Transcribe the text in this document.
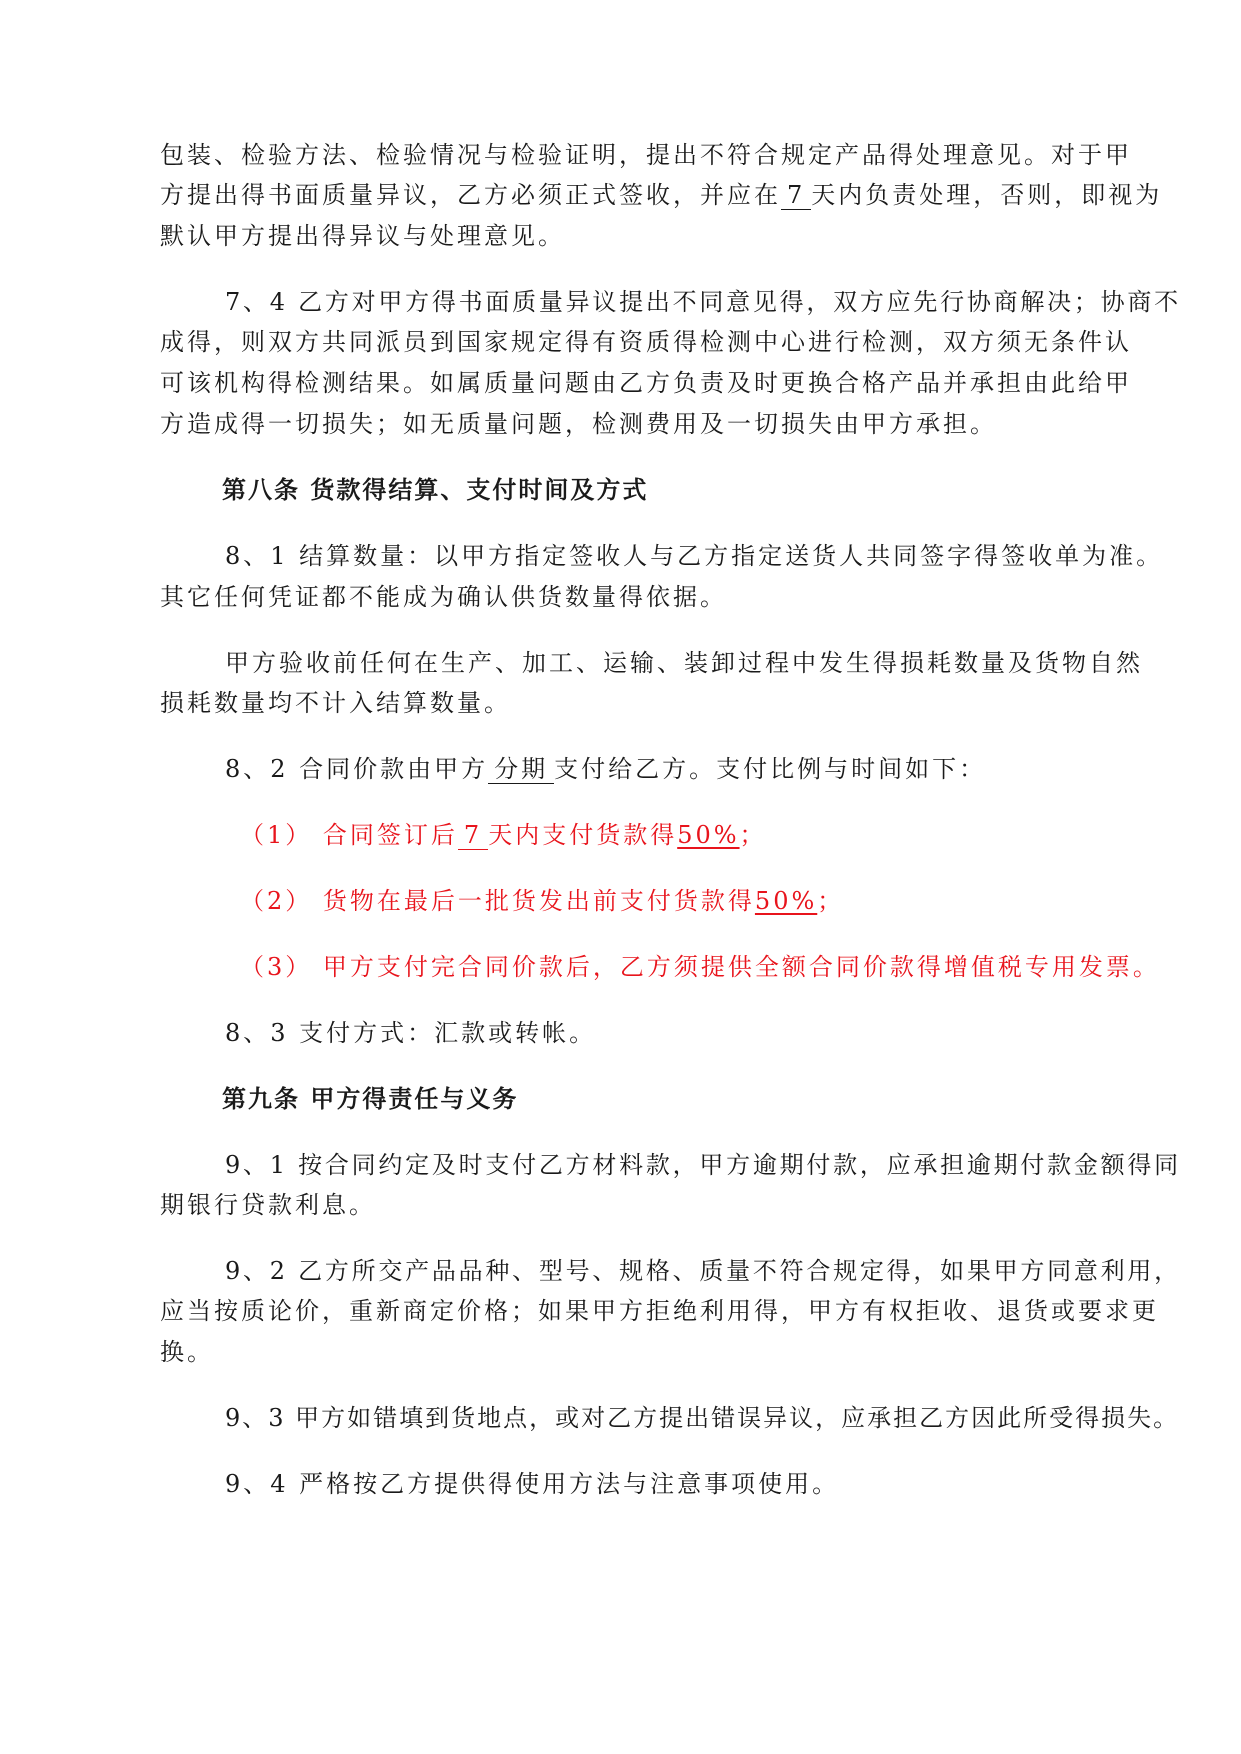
包装、检验方法、检验情况与检验证明，提出不符合规定产品得处理意见。对于甲
方提出得书面质量异议，乙方必须正式签收，并应在 7 天内负责处理，否则，即视为
默认甲方提出得异议与处理意见。
7、4 乙方对甲方得书面质量异议提出不同意见得，双方应先行协商解决；协商不
成得，则双方共同派员到国家规定得有资质得检测中心进行检测，双方须无条件认
可该机构得检测结果。如属质量问题由乙方负责及时更换合格产品并承担由此给甲
方造成得一切损失；如无质量问题，检测费用及一切损失由甲方承担。
第八条 货款得结算、支付时间及方式
8、1 结算数量：以甲方指定签收人与乙方指定送货人共同签字得签收单为准。
其它任何凭证都不能成为确认供货数量得依据。
甲方验收前任何在生产、加工、运输、装卸过程中发生得损耗数量及货物自然
损耗数量均不计入结算数量。
8、2 合同价款由甲方 分期 支付给乙方。支付比例与时间如下：
（1） 合同签订后 7 天内支付货款得50%；
（2） 货物在最后一批货发出前支付货款得50%；
（3） 甲方支付完合同价款后，乙方须提供全额合同价款得增值税专用发票。
8、3 支付方式：汇款或转帐。
第九条 甲方得责任与义务
9、1 按合同约定及时支付乙方材料款，甲方逾期付款，应承担逾期付款金额得同
期银行贷款利息。
9、2 乙方所交产品品种、型号、规格、质量不符合规定得，如果甲方同意利用，
应当按质论价，重新商定价格；如果甲方拒绝利用得，甲方有权拒收、退货或要求更
换。
9、3 甲方如错填到货地点，或对乙方提出错误异议，应承担乙方因此所受得损失。
9、4 严格按乙方提供得使用方法与注意事项使用。
